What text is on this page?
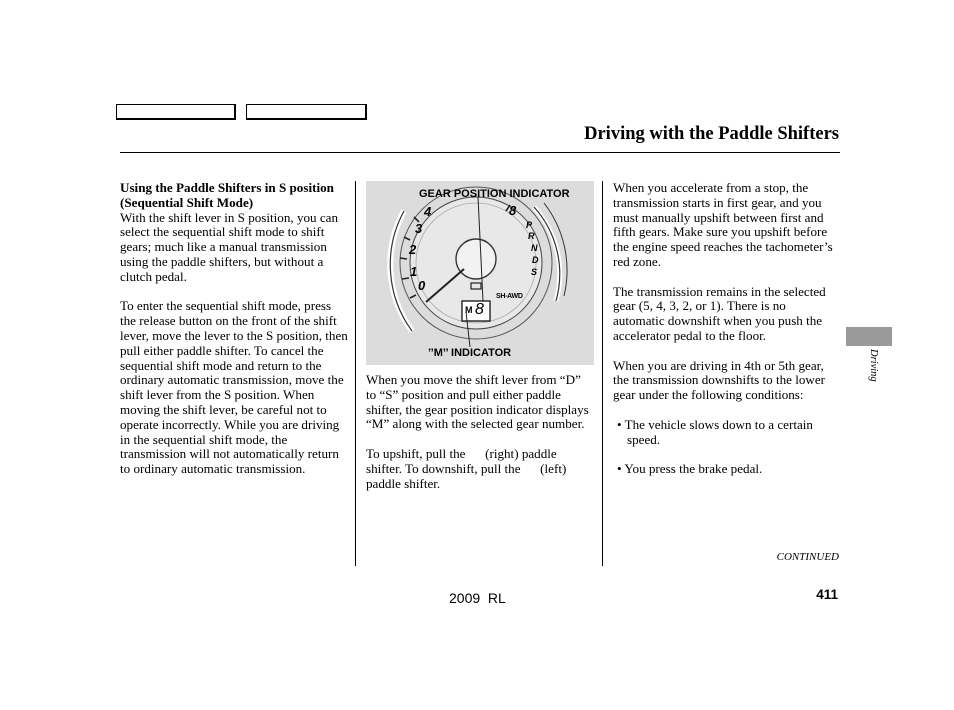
Driving with the Paddle Shifters

Using the Paddle Shifters in S position (Sequential Shift Mode)

With the shift lever in S position, you can select the sequential shift mode to shift gears; much like a manual transmission using the paddle shifters, but without a clutch pedal.

To enter the sequential shift mode, press the release button on the front of the shift lever, move the lever to the S position, then pull either paddle shifter. To cancel the sequential shift mode and return to the ordinary automatic transmission, move the shift lever from the S position. When moving the shift lever, be careful not to operate incorrectly. While you are driving in the sequential shift mode, the transmission will not automatically return to ordinary automatic transmission.

GEAR POSITION INDICATOR
’’M’’ INDICATOR
4
3
2
1
0
8
P
R
N
D
S
SH-AWD
M 8

When you move the shift lever from “D” to “S” position and pull either paddle shifter, the gear position indicator displays “M” along with the selected gear number.

To upshift, pull the      (right) paddle shifter. To downshift, pull the      (left) paddle shifter.

When you accelerate from a stop, the transmission starts in first gear, and you must manually upshift between first and fifth gears. Make sure you upshift before the engine speed reaches the tachometer’s red zone.

The transmission remains in the selected gear (5, 4, 3, 2, or 1). There is no automatic downshift when you push the accelerator pedal to the floor.

When you are driving in 4th or 5th gear, the transmission downshifts to the lower gear under the following conditions:

• The vehicle slows down to a certain speed.

• You press the brake pedal.

Driving
CONTINUED
2009  RL	411
